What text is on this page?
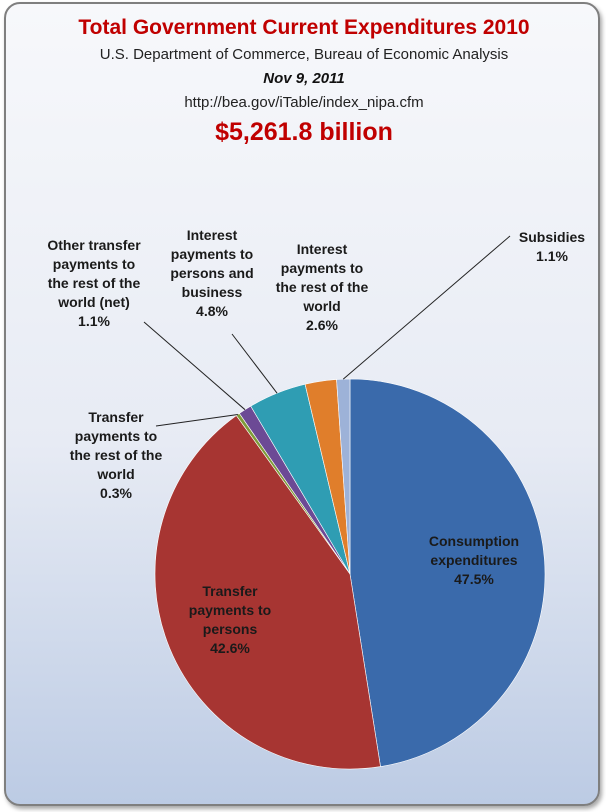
Total Government Current Expenditures 2010
U.S. Department of Commerce, Bureau of Economic Analysis
Nov 9, 2011
http://bea.gov/iTable/index_nipa.cfm
$5,261.8 billion
Consumption expenditures 47.5%
Transfer payments to persons 42.6%
Transfer payments to the rest of the world 0.3%
Other transfer payments to the rest of the world (net) 1.1%
Interest payments to persons and business 4.8%
Interest payments to the rest of the world 2.6%
Subsidies 1.1%
